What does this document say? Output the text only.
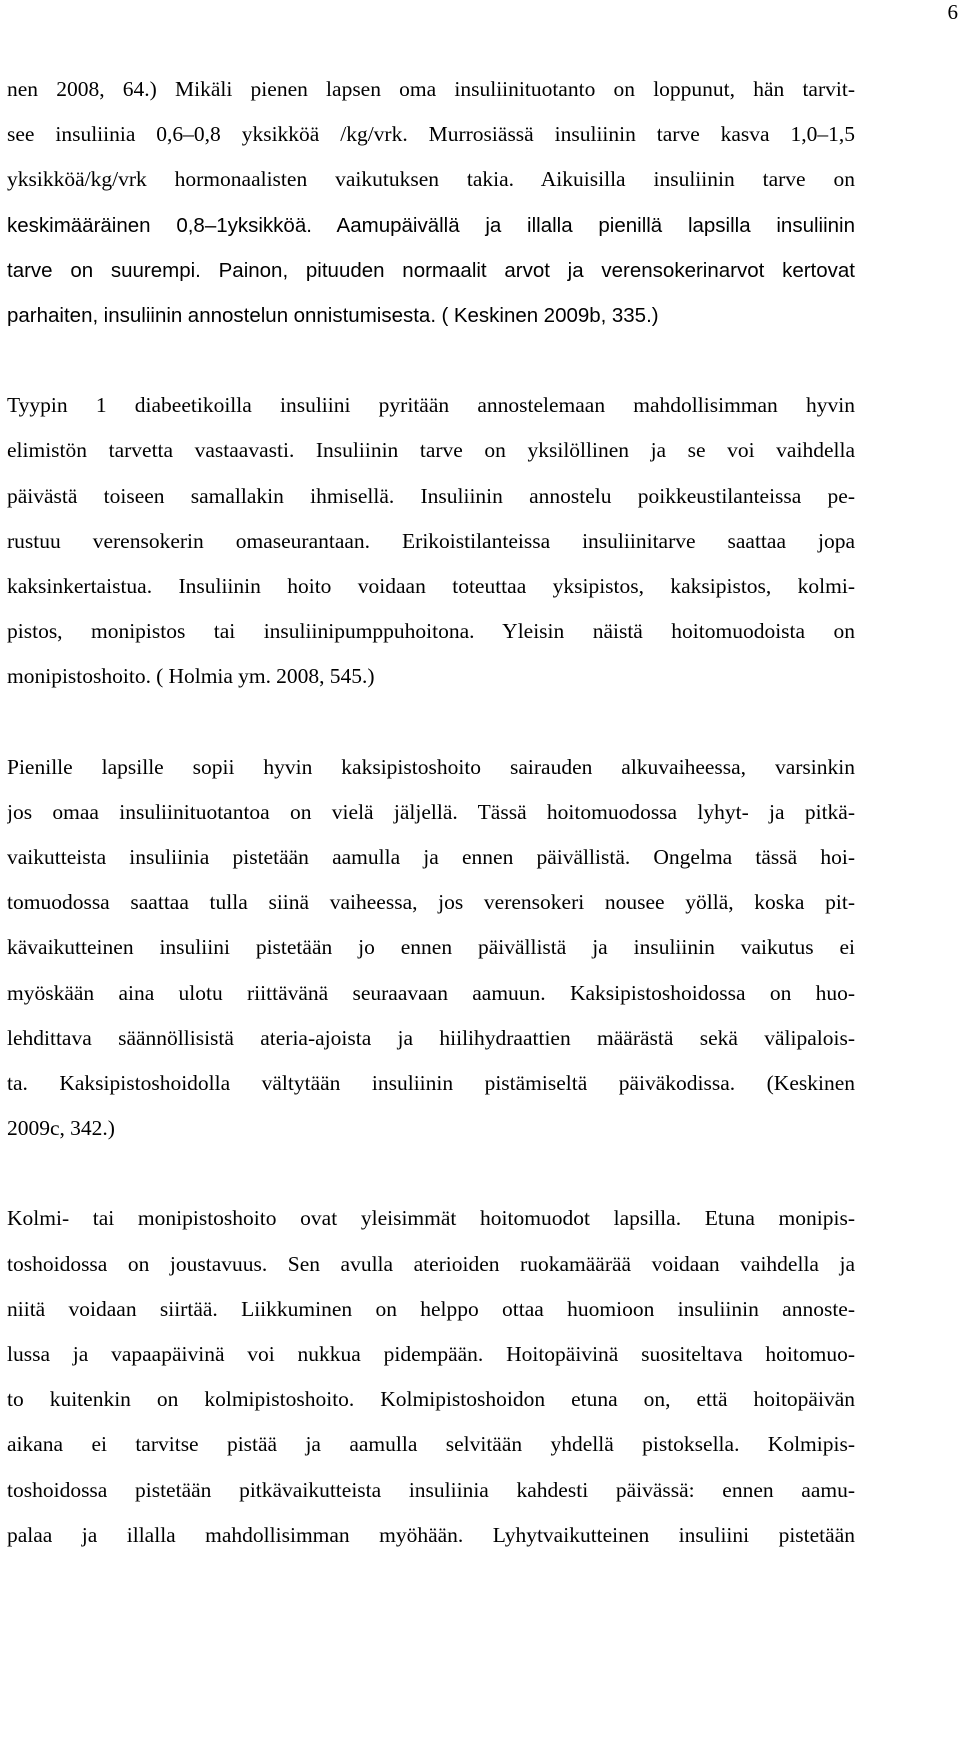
6

nen 2008, 64.) Mikäli pienen lapsen oma insuliinituotanto on loppunut, hän tarvit-
see insuliinia 0,6–0,8 yksikköä /kg/vrk. Murrosiässä insuliinin tarve kasva 1,0–1,5
yksikköä/kg/vrk hormonaalisten vaikutuksen takia. Aikuisilla insuliinin tarve on
keskimääräinen 0,8–1yksikköä. Aamupäivällä ja illalla pienillä lapsilla insuliinin
tarve on suurempi. Painon, pituuden normaalit arvot ja verensokerinarvot kertovat
parhaiten, insuliinin annostelun onnistumisesta. ( Keskinen 2009b, 335.)

Tyypin 1 diabeetikoilla insuliini pyritään annostelemaan mahdollisimman hyvin
elimistön tarvetta vastaavasti. Insuliinin tarve on yksilöllinen ja se voi vaihdella
päivästä toiseen samallakin ihmisellä. Insuliinin annostelu poikkeustilanteissa pe-
rustuu verensokerin omaseurantaan. Erikoistilanteissa insuliinitarve saattaa jopa
kaksinkertaistua. Insuliinin hoito voidaan toteuttaa yksipistos, kaksipistos, kolmi-
pistos, monipistos tai insuliinipumppuhoitona. Yleisin näistä hoitomuodoista on
monipistoshoito. ( Holmia ym. 2008, 545.)

Pienille lapsille sopii hyvin kaksipistoshoito sairauden alkuvaiheessa, varsinkin
jos omaa insuliinituotantoa on vielä jäljellä. Tässä hoitomuodossa lyhyt- ja pitkä-
vaikutteista insuliinia pistetään aamulla ja ennen päivällistä. Ongelma tässä hoi-
tomuodossa saattaa tulla siinä vaiheessa, jos verensokeri nousee yöllä, koska pit-
kävaikutteinen insuliini pistetään jo ennen päivällistä ja insuliinin vaikutus ei
myöskään aina ulotu riittävänä seuraavaan aamuun. Kaksipistoshoidossa on huo-
lehdittava säännöllisistä ateria-ajoista ja hiilihydraattien määrästä sekä välipalois-
ta. Kaksipistoshoidolla vältytään insuliinin pistämiseltä päiväkodissa. (Keskinen
2009c, 342.)

Kolmi- tai monipistoshoito ovat yleisimmät hoitomuodot lapsilla. Etuna monipis-
toshoidossa on joustavuus. Sen avulla aterioiden ruokamäärää voidaan vaihdella ja
niitä voidaan siirtää. Liikkuminen on helppo ottaa huomioon insuliinin annoste-
lussa ja vapaapäivinä voi nukkua pidempään. Hoitopäivinä suositeltava hoitomuo-
to kuitenkin on kolmipistoshoito. Kolmipistoshoidon etuna on, että hoitopäivän
aikana ei tarvitse pistää ja aamulla selvitään yhdellä pistoksella. Kolmipis-
toshoidossa pistetään pitkävaikutteista insuliinia kahdesti päivässä: ennen aamu-
palaa ja illalla mahdollisimman myöhään. Lyhytvaikutteinen insuliini pistetään
